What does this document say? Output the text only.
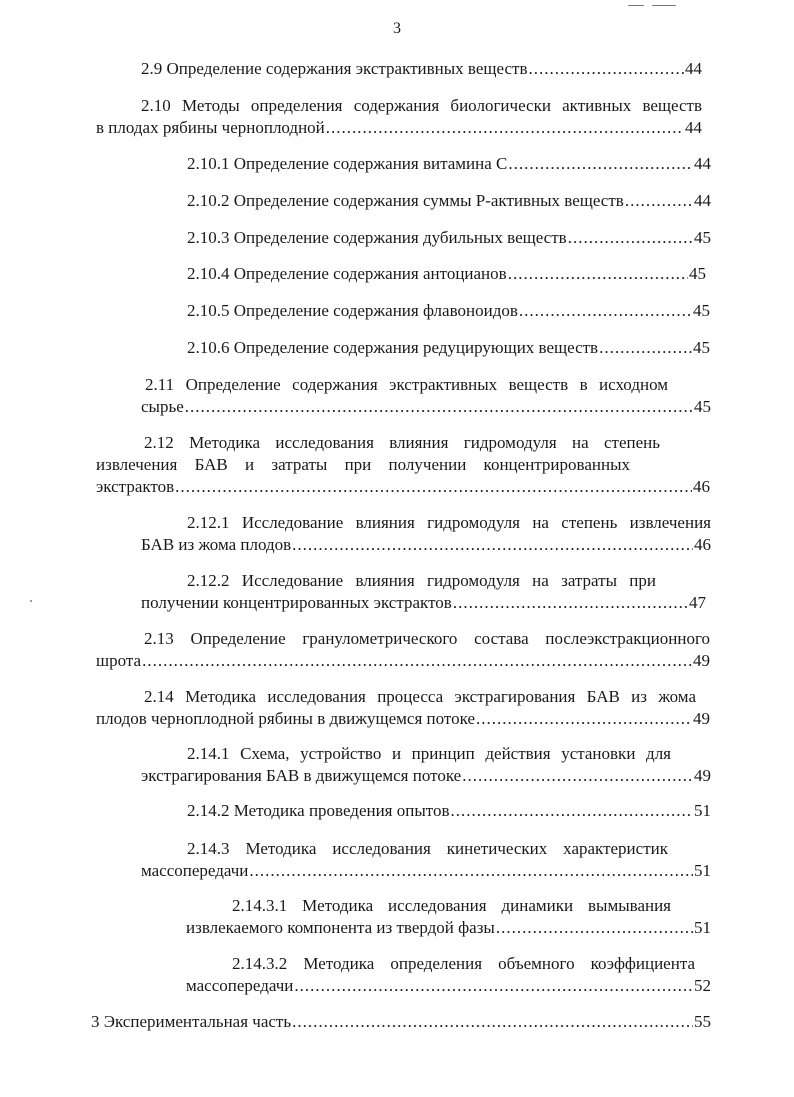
3
2.9 Определение содержания экстрактивных веществ .....	44
2.10 Методы определения содержания биологически активных веществ
в плодах рябины черноплодной .....	44
2.10.1 Определение содержания витамина С .....	44
2.10.2 Определение содержания суммы Р-активных веществ .....	44
2.10.3 Определение содержания дубильных веществ .....	45
2.10.4 Определение содержания антоцианов .....	45
2.10.5 Определение содержания флавоноидов .....	45
2.10.6 Определение содержания редуцирующих веществ .....	45
2.11 Определение содержания экстрактивных веществ в исходном
сырье .....	45
2.12 Методика исследования влияния гидромодуля на степень
извлечения БАВ и затраты при получении концентрированных
экстрактов .....	46
2.12.1 Исследование влияния гидромодуля на степень извлечения
БАВ из жома плодов .....	46
2.12.2 Исследование влияния гидромодуля на затраты при
получении концентрированных экстрактов .....	47
2.13 Определение гранулометрического состава послеэкстракционного
шрота .....	49
2.14 Методика исследования процесса экстрагирования БАВ из жома
плодов черноплодной рябины в движущемся потоке .....	49
2.14.1 Схема, устройство и принцип действия установки для
экстрагирования БАВ в движущемся потоке .....	49
2.14.2 Методика проведения опытов .....	51
2.14.3 Методика исследования кинетических характеристик
массопередачи .....	51
2.14.3.1 Методика исследования динамики вымывания
извлекаемого компонента из твердой фазы .....	51
2.14.3.2 Методика определения объемного коэффициента
массопередачи .....	52
3 Экспериментальная часть .....	55
